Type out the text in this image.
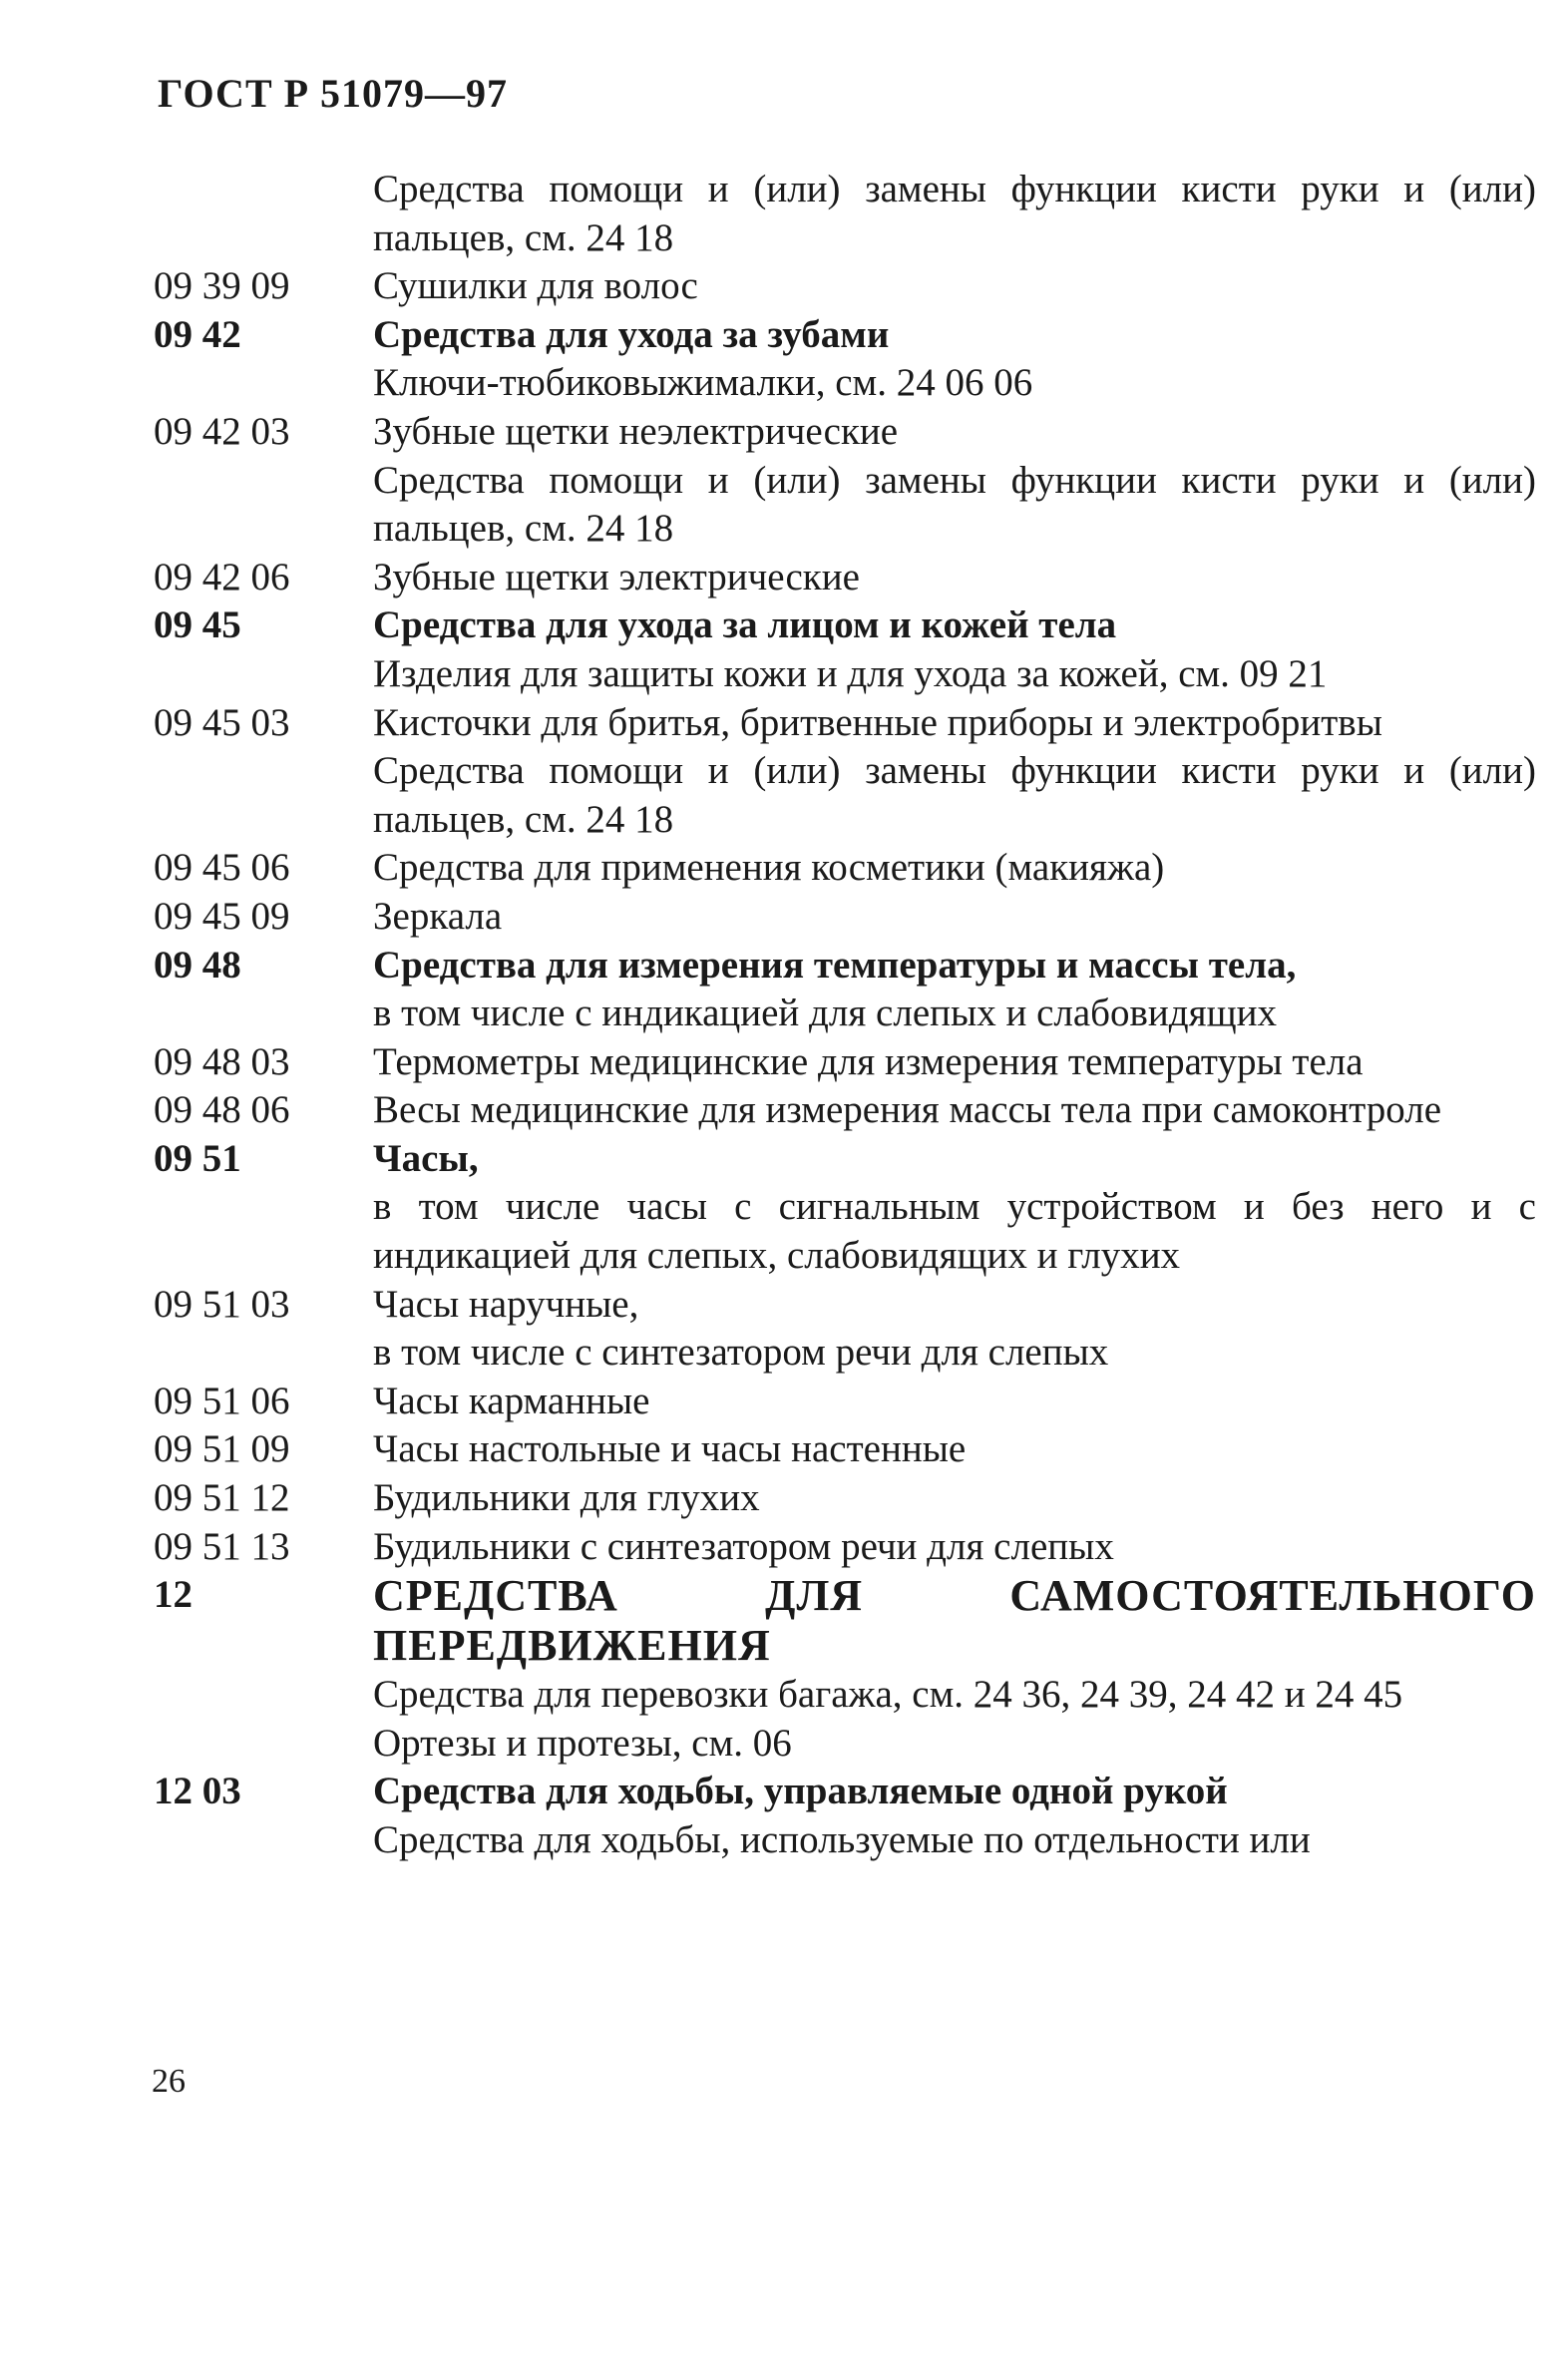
ГОСТ Р 51079—97
Средства помощи и (или) замены функции кисти руки и (или) пальцев, см. 24 18
09 39 09	Сушилки для волос
09 42	Средства для ухода за зубами
Ключи-тюбиковыжималки, см. 24 06 06
09 42 03	Зубные щетки неэлектрические
Средства помощи и (или) замены функции кисти руки и (или) пальцев, см. 24 18
09 42 06	Зубные щетки электрические
09 45	Средства для ухода за лицом и кожей тела
Изделия для защиты кожи и для ухода за кожей, см. 09 21
09 45 03	Кисточки для бритья, бритвенные приборы и электробритвы
Средства помощи и (или) замены функции кисти руки и (или) пальцев, см. 24 18
09 45 06	Средства для применения косметики (макияжа)
09 45 09	Зеркала
09 48	Средства для измерения температуры и массы тела,
в том числе с индикацией для слепых и слабовидящих
09 48 03	Термометры медицинские для измерения температуры тела
09 48 06	Весы медицинские для измерения массы тела при самоконтроле
09 51	Часы,
в том числе часы с сигнальным устройством и без него и с индикацией для слепых, слабовидящих и глухих
09 51 03	Часы наручные,
в том числе с синтезатором речи для слепых
09 51 06	Часы карманные
09 51 09	Часы настольные и часы настенные
09 51 12	Будильники для глухих
09 51 13	Будильники с синтезатором речи для слепых
12	СРЕДСТВА ДЛЯ САМОСТОЯТЕЛЬНОГО ПЕРЕДВИЖЕНИЯ
Средства для перевозки багажа, см. 24 36, 24 39, 24 42 и 24 45
Ортезы и протезы, см. 06
12 03	Средства для ходьбы, управляемые одной рукой
Средства для ходьбы, используемые по отдельности или
26
